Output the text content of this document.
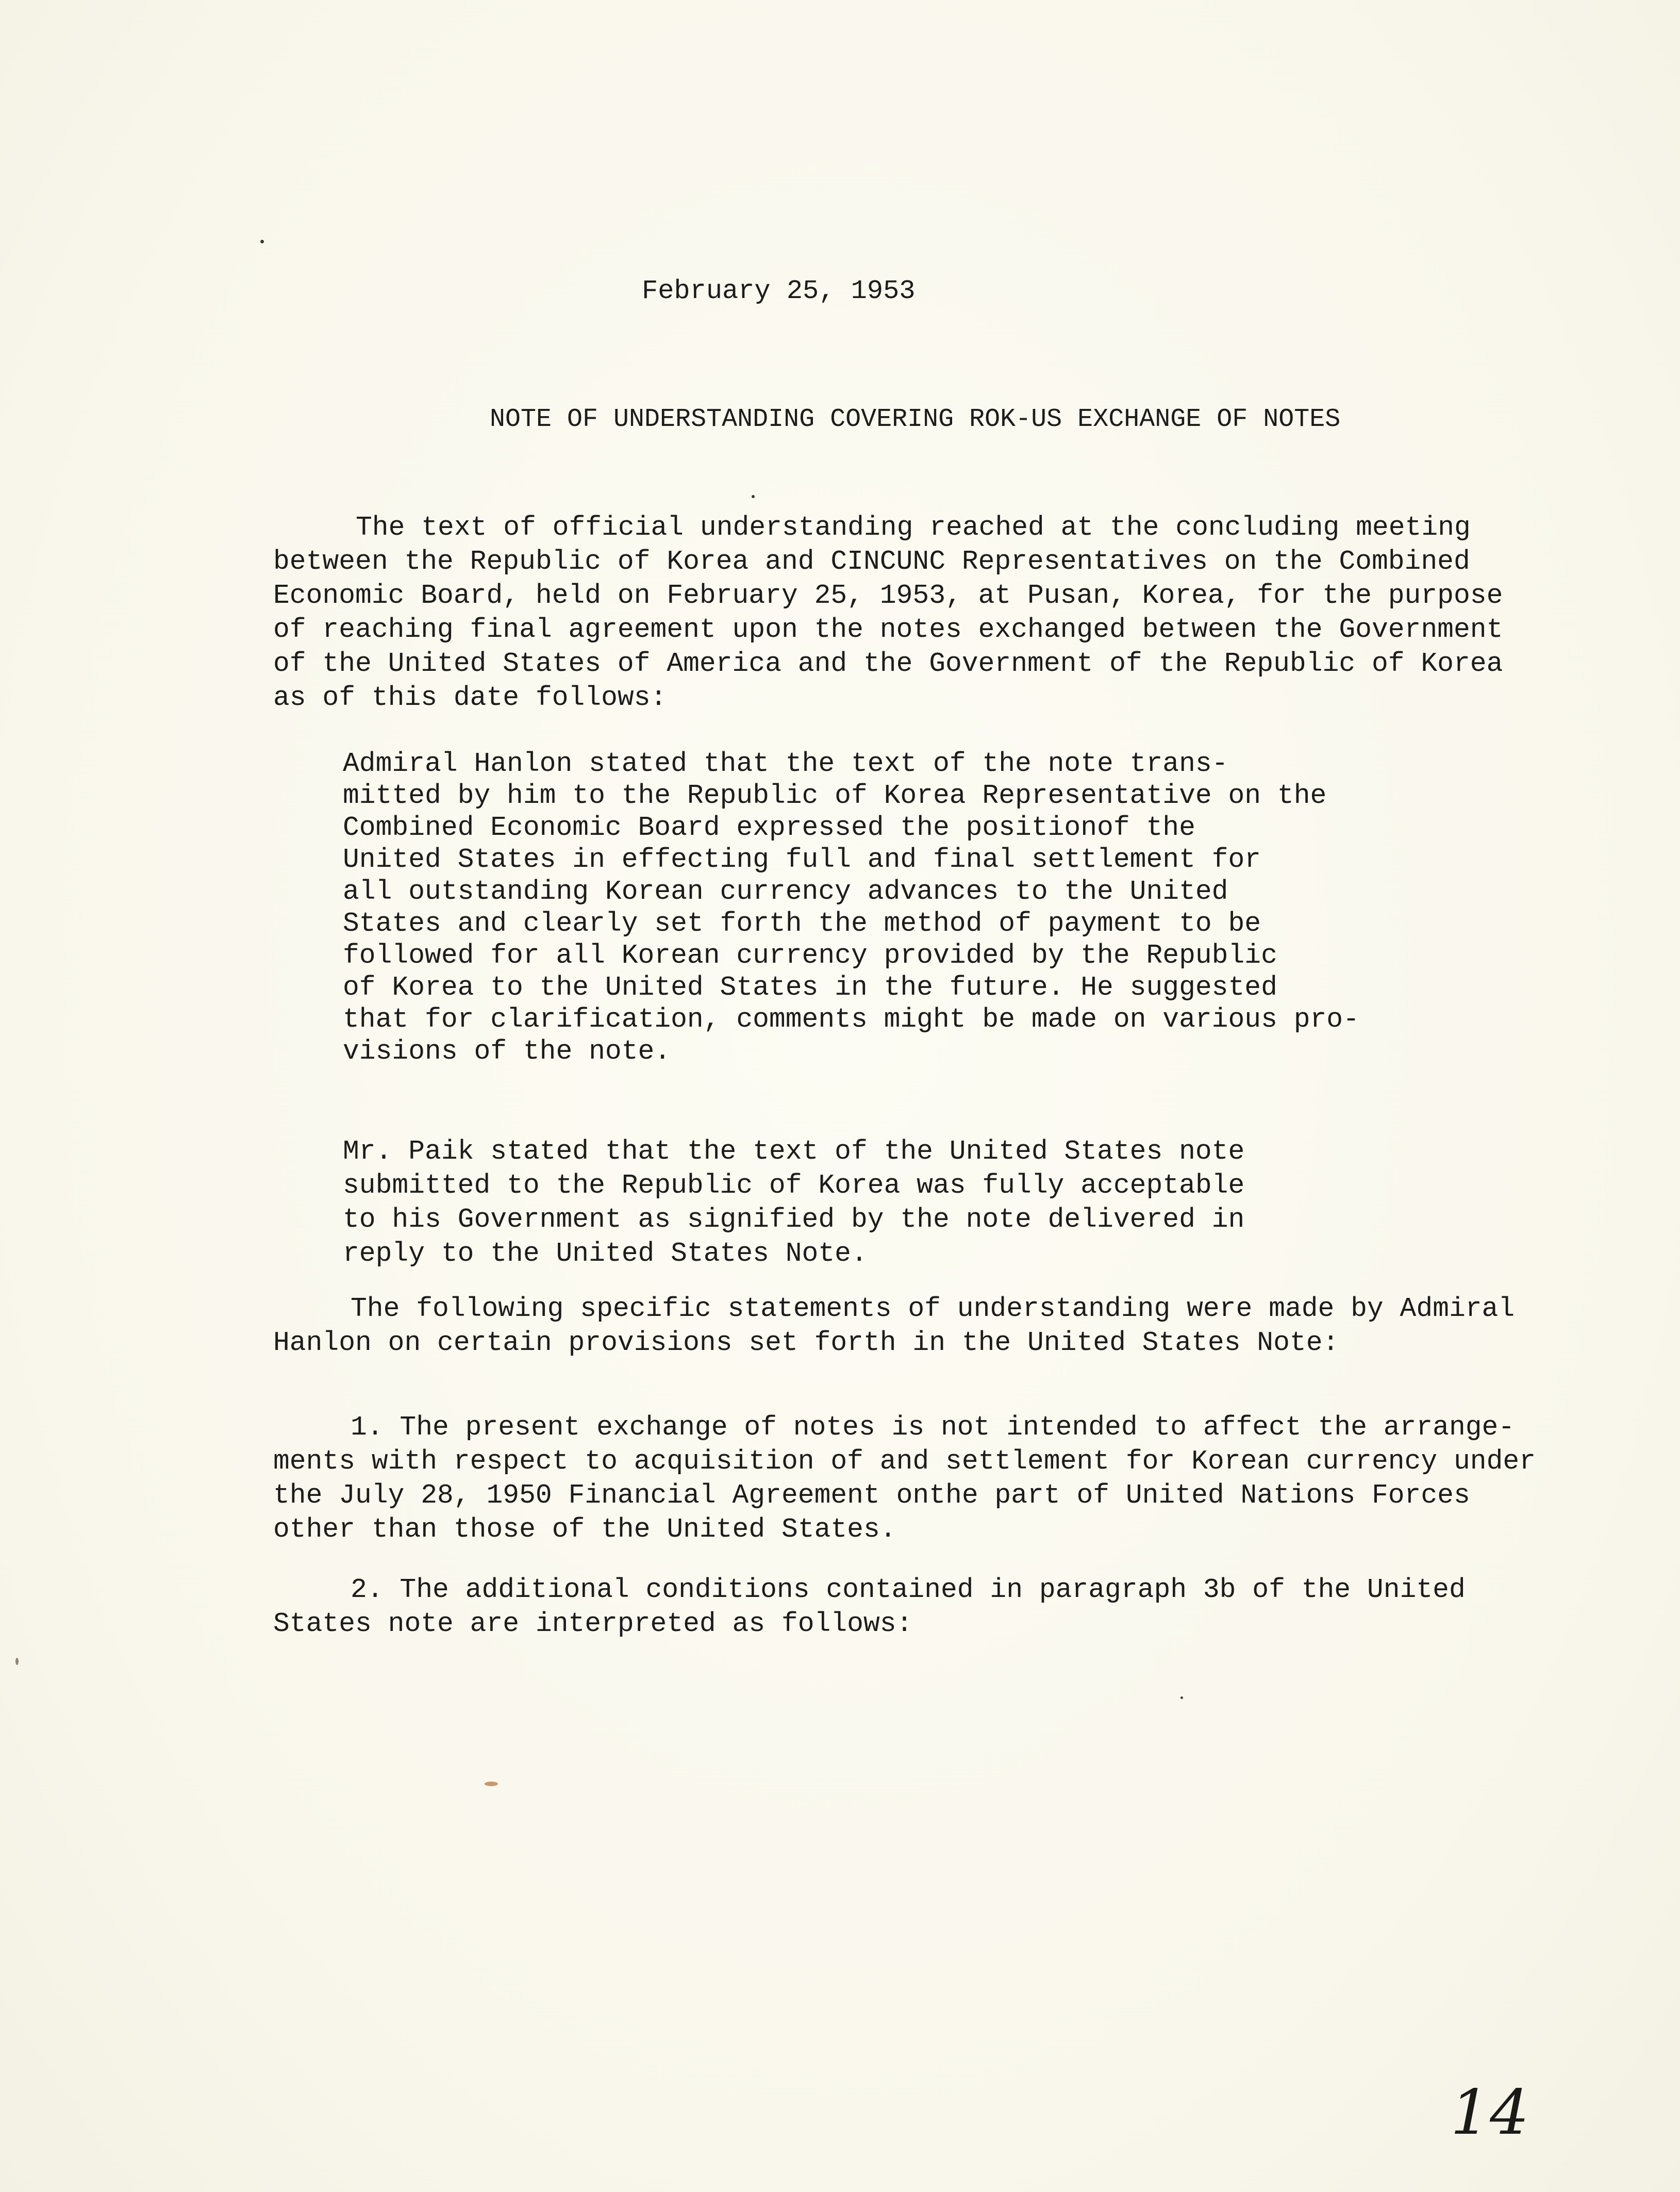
February 25, 1953
NOTE OF UNDERSTANDING COVERING ROK-US EXCHANGE OF NOTES

The text of official understanding reached at the concluding meeting
between the Republic of Korea and CINCUNC Representatives on the Combined
Economic Board, held on February 25, 1953, at Pusan, Korea, for the purpose
of reaching final agreement upon the notes exchanged between the Government
of the United States of America and the Government of the Republic of Korea
as of this date follows:

Admiral Hanlon stated that the text of the note trans-
mitted by him to the Republic of Korea Representative on the
Combined Economic Board expressed the positionof the
United States in effecting full and final settlement for
all outstanding Korean currency advances to the United
States and clearly set forth the method of payment to be
followed for all Korean currency provided by the Republic
of Korea to the United States in the future. He suggested
that for clarification, comments might be made on various pro-
visions of the note.

Mr. Paik stated that the text of the United States note
submitted to the Republic of Korea was fully acceptable
to his Government as signified by the note delivered in
reply to the United States Note.

The following specific statements of understanding were made by Admiral
Hanlon on certain provisions set forth in the United States Note:

1. The present exchange of notes is not intended to affect the arrange-
ments with respect to acquisition of and settlement for Korean currency under
the July 28, 1950 Financial Agreement onthe part of United Nations Forces
other than those of the United States.

2. The additional conditions contained in paragraph 3b of the United
States note are interpreted as follows:

14
